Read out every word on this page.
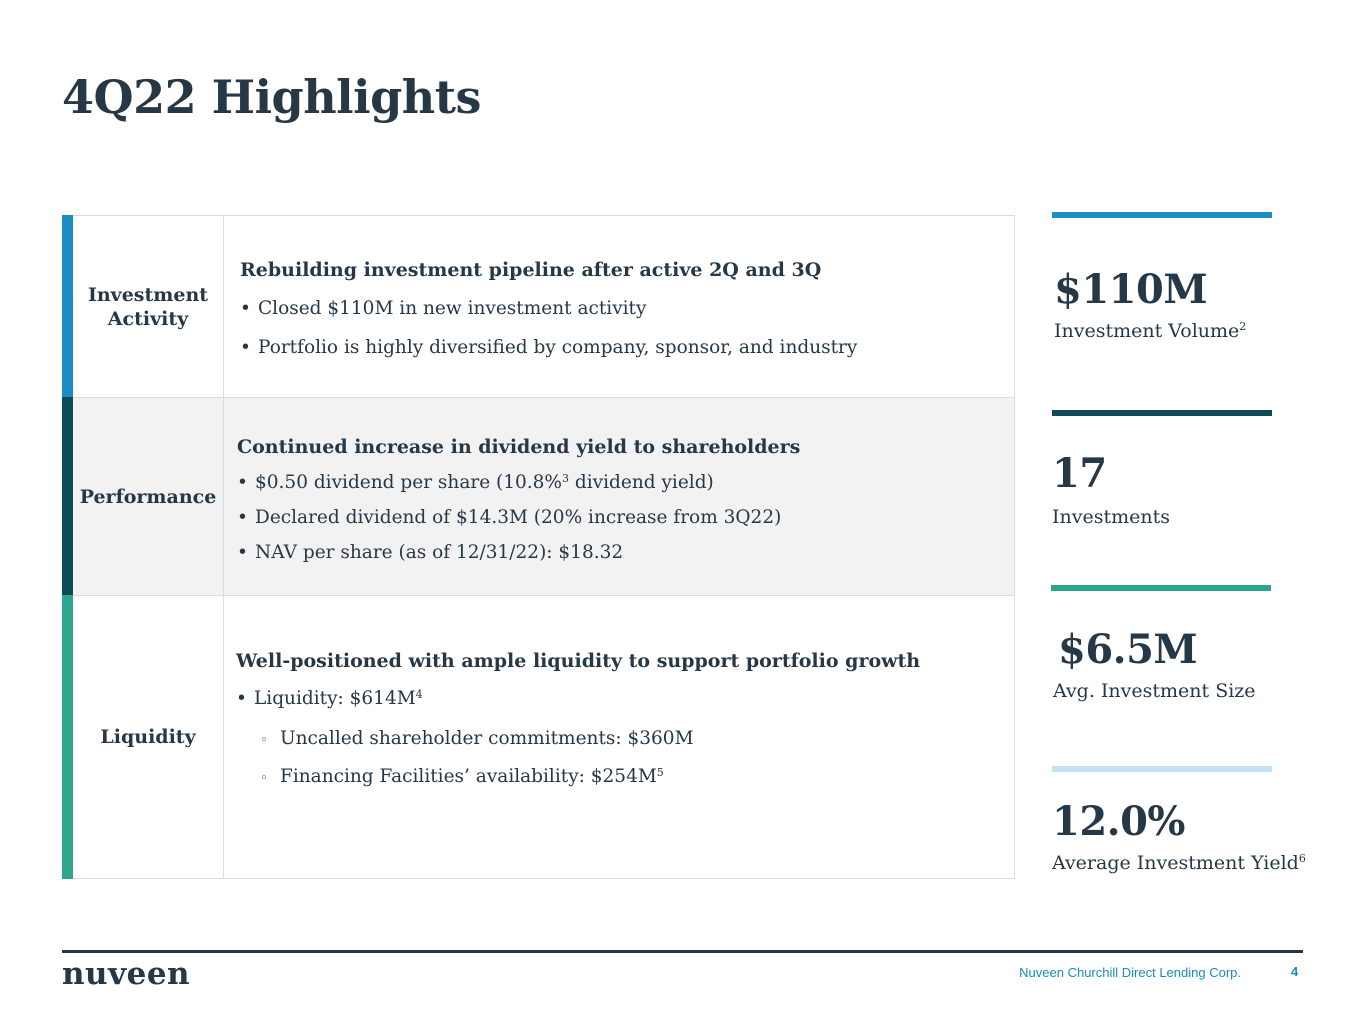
4Q22 Highlights
Investment Activity

Rebuilding investment pipeline after active 2Q and 3Q

• Closed $110M in new investment activity

• Portfolio is highly diversified by company, sponsor, and industry

Performance

Continued increase in dividend yield to shareholders

• $0.50 dividend per share (10.8%$^3$ dividend yield)

• Declared dividend of $14.3M (20% increase from 3Q22)

• NAV per share (as of 12/31/22): $18.32

Liquidity

Well-positioned with ample liquidity to support portfolio growth

• Liquidity: $\$614M^4$

◦ Uncalled shareholder commitments: $360M

◦ Financing Facilities’ availability: $\$254M^5$

$110M

Investment Volume$^2$

17

Investments

$6.5M

Avg. Investment Size

12.0%

Average Investment Yield$^6$

nuveen	Nuveen Churchill Direct Lending Corp.	4
